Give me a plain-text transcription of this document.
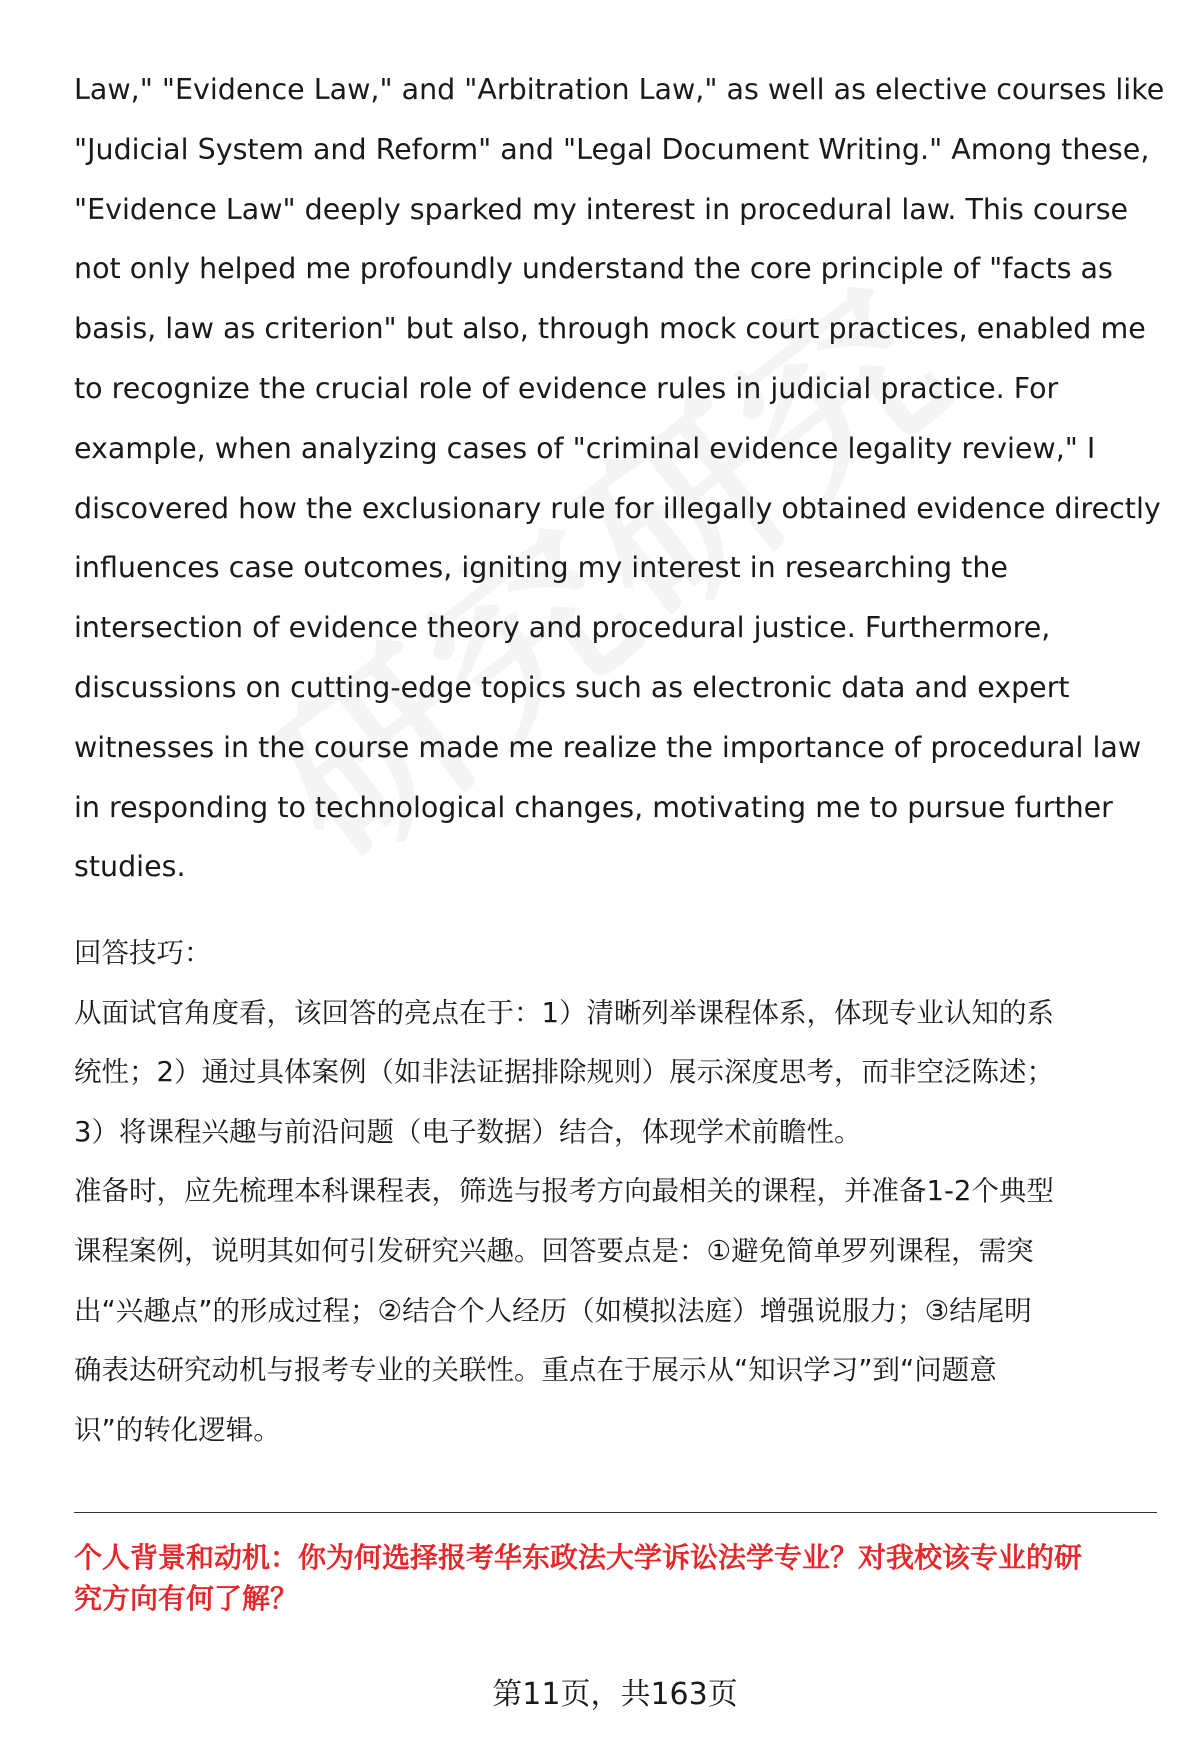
Law," "Evidence Law," and "Arbitration Law," as well as elective courses like
"Judicial System and Reform" and "Legal Document Writing." Among these,
"Evidence Law" deeply sparked my interest in procedural law. This course
not only helped me profoundly understand the core principle of "facts as
basis, law as criterion" but also, through mock court practices, enabled me
to recognize the crucial role of evidence rules in judicial practice. For
example, when analyzing cases of "criminal evidence legality review," I
discovered how the exclusionary rule for illegally obtained evidence directly
influences case outcomes, igniting my interest in researching the
intersection of evidence theory and procedural justice. Furthermore,
discussions on cutting-edge topics such as electronic data and expert
witnesses in the course made me realize the importance of procedural law
in responding to technological changes, motivating me to pursue further
studies.
回答技巧：
从面试官角度看，该回答的亮点在于：1）清晰列举课程体系，体现专业认知的系
统性；2）通过具体案例（如非法证据排除规则）展示深度思考，而非空泛陈述；
3）将课程兴趣与前沿问题（电子数据）结合，体现学术前瞻性。
准备时，应先梳理本科课程表，筛选与报考方向最相关的课程，并准备1-2个典型
课程案例，说明其如何引发研究兴趣。回答要点是：①避免简单罗列课程，需突
出“兴趣点”的形成过程；②结合个人经历（如模拟法庭）增强说服力；③结尾明
确表达研究动机与报考专业的关联性。重点在于展示从“知识学习”到“问题意
识”的转化逻辑。
个人背景和动机：你为何选择报考华东政法大学诉讼法学专业？对我校该专业的研
究方向有何了解？
第11页，共163页
